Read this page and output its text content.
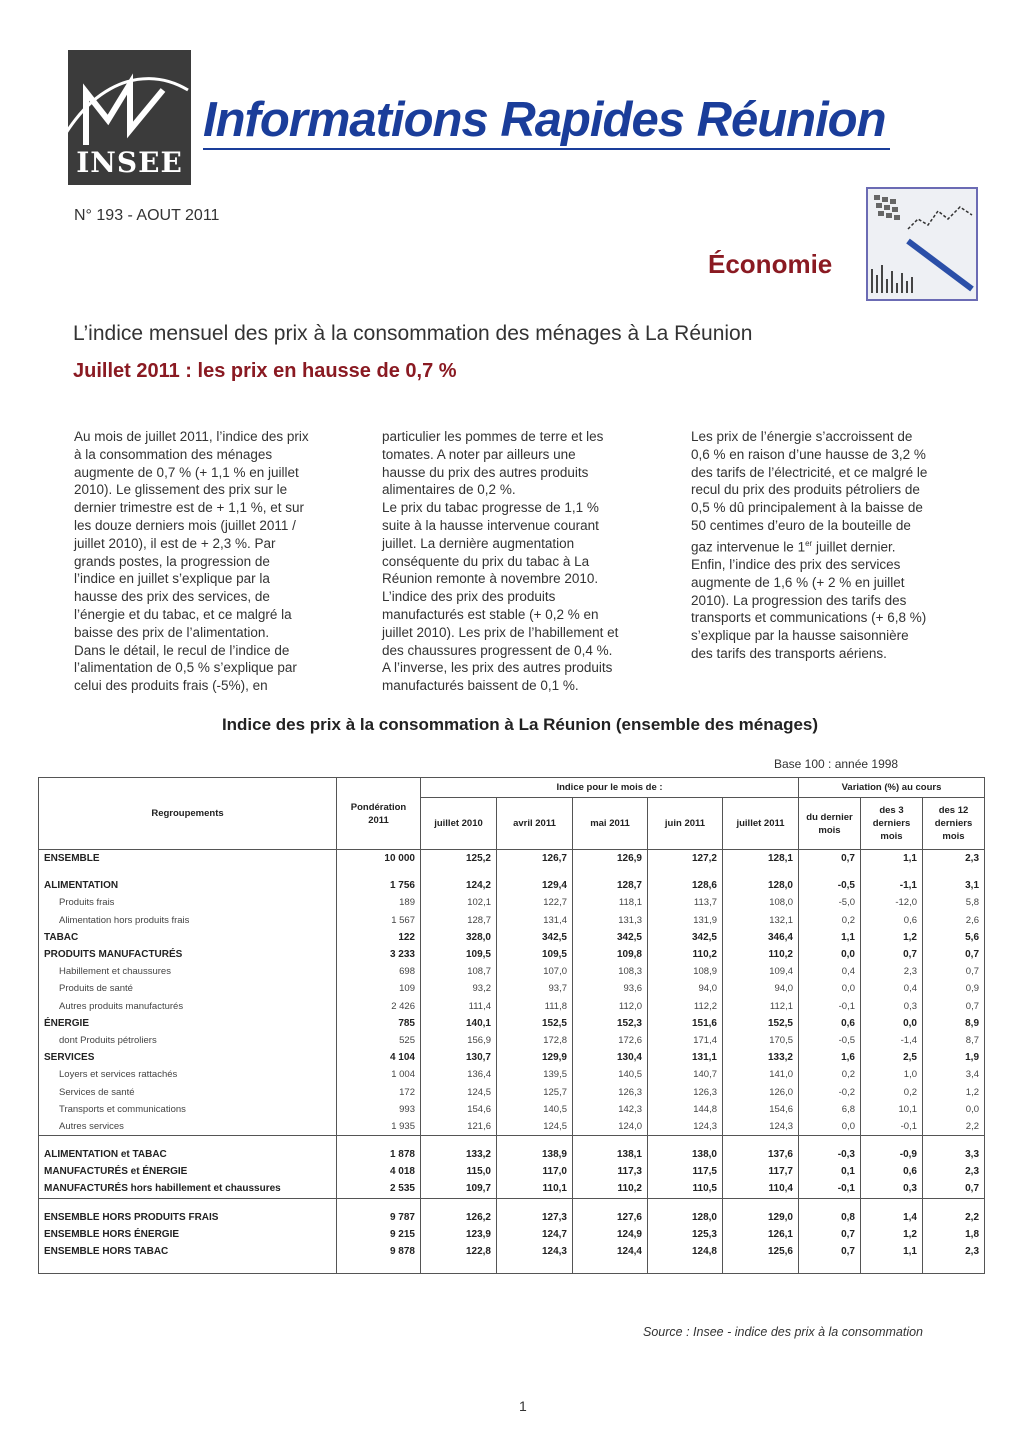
INSEE
Informations Rapides Réunion
N° 193 - AOUT 2011
Économie
L’indice mensuel des prix à la consommation des ménages à La Réunion
Juillet 2011 : les prix en hausse de 0,7 %
Au mois de juillet 2011, l’indice des prix
à la consommation des ménages
augmente de 0,7 % (+ 1,1 % en juillet
2010). Le glissement des prix sur le
dernier trimestre est de + 1,1 %, et sur
les douze derniers mois (juillet 2011 /
juillet 2010), il est de + 2,3 %. Par
grands postes, la progression de
l’indice en juillet s’explique par la
hausse des prix des services, de
l’énergie et du tabac, et ce malgré la
baisse des prix de l’alimentation.
Dans le détail, le recul de l’indice de
l’alimentation de 0,5 % s’explique par
celui des produits frais (-5%), en
particulier les pommes de terre et les
tomates. A noter par ailleurs une
hausse du prix des autres produits
alimentaires de 0,2 %.
Le prix du tabac progresse de 1,1 %
suite à la hausse intervenue courant
juillet. La dernière augmentation
conséquente du prix du tabac à La
Réunion remonte à novembre 2010.
L’indice des prix des produits
manufacturés est stable (+ 0,2 % en
juillet 2010). Les prix de l’habillement et
des chaussures progressent de 0,4 %.
A l’inverse, les prix des autres produits
manufacturés baissent de 0,1 %.
Les prix de l’énergie s’accroissent de
0,6 % en raison d’une hausse de 3,2 %
des tarifs de l’électricité, et ce malgré le
recul du prix des produits pétroliers de
0,5 % dû principalement à la baisse de
50 centimes d’euro de la bouteille de
gaz intervenue le 1er juillet dernier.
Enfin, l’indice des prix des services
augmente de 1,6 % (+ 2 % en juillet
2010). La progression des tarifs des
transports et communications (+ 6,8 %)
s’explique par la hausse saisonnière
des tarifs des transports aériens.
Indice des prix à la consommation à La Réunion (ensemble des ménages)
Base 100 : année 1998
Regroupements	Pondération 2011	Indice pour le mois de :					Variation (%) au cours		
		juillet 2010	avril 2011	mai 2011	juin 2011	juillet 2011	du dernier mois	des 3 derniers mois	des 12 derniers mois
ENSEMBLE	10 000	125,2	126,7	126,9	127,2	128,1	0,7	1,1	2,3

ALIMENTATION	1 756	124,2	129,4	128,7	128,6	128,0	-0,5	-1,1	3,1
Produits frais	189	102,1	122,7	118,1	113,7	108,0	-5,0	-12,0	5,8
Alimentation hors produits frais	1 567	128,7	131,4	131,3	131,9	132,1	0,2	0,6	2,6
TABAC	122	328,0	342,5	342,5	342,5	346,4	1,1	1,2	5,6
PRODUITS MANUFACTURÉS	3 233	109,5	109,5	109,8	110,2	110,2	0,0	0,7	0,7
Habillement et chaussures	698	108,7	107,0	108,3	108,9	109,4	0,4	2,3	0,7
Produits de santé	109	93,2	93,7	93,6	94,0	94,0	0,0	0,4	0,9
Autres produits manufacturés	2 426	111,4	111,8	112,0	112,2	112,1	-0,1	0,3	0,7
ÉNERGIE	785	140,1	152,5	152,3	151,6	152,5	0,6	0,0	8,9
dont Produits pétroliers	525	156,9	172,8	172,6	171,4	170,5	-0,5	-1,4	8,7
SERVICES	4 104	130,7	129,9	130,4	131,1	133,2	1,6	2,5	1,9
Loyers et services rattachés	1 004	136,4	139,5	140,5	140,7	141,0	0,2	1,0	3,4
Services de santé	172	124,5	125,7	126,3	126,3	126,0	-0,2	0,2	1,2
Transports et communications	993	154,6	140,5	142,3	144,8	154,6	6,8	10,1	0,0
Autres services	1 935	121,6	124,5	124,0	124,3	124,3	0,0	-0,1	2,2

ALIMENTATION et TABAC	1 878	133,2	138,9	138,1	138,0	137,6	-0,3	-0,9	3,3
MANUFACTURÉS et ÉNERGIE	4 018	115,0	117,0	117,3	117,5	117,7	0,1	0,6	2,3
MANUFACTURÉS hors habillement et chaussures	2 535	109,7	110,1	110,2	110,5	110,4	-0,1	0,3	0,7

ENSEMBLE HORS PRODUITS FRAIS	9 787	126,2	127,3	127,6	128,0	129,0	0,8	1,4	2,2
ENSEMBLE HORS ÉNERGIE	9 215	123,9	124,7	124,9	125,3	126,1	0,7	1,2	1,8
ENSEMBLE HORS TABAC	9 878	122,8	124,3	124,4	124,8	125,6	0,7	1,1	2,3

Source : Insee - indice des prix à la consommation
1
